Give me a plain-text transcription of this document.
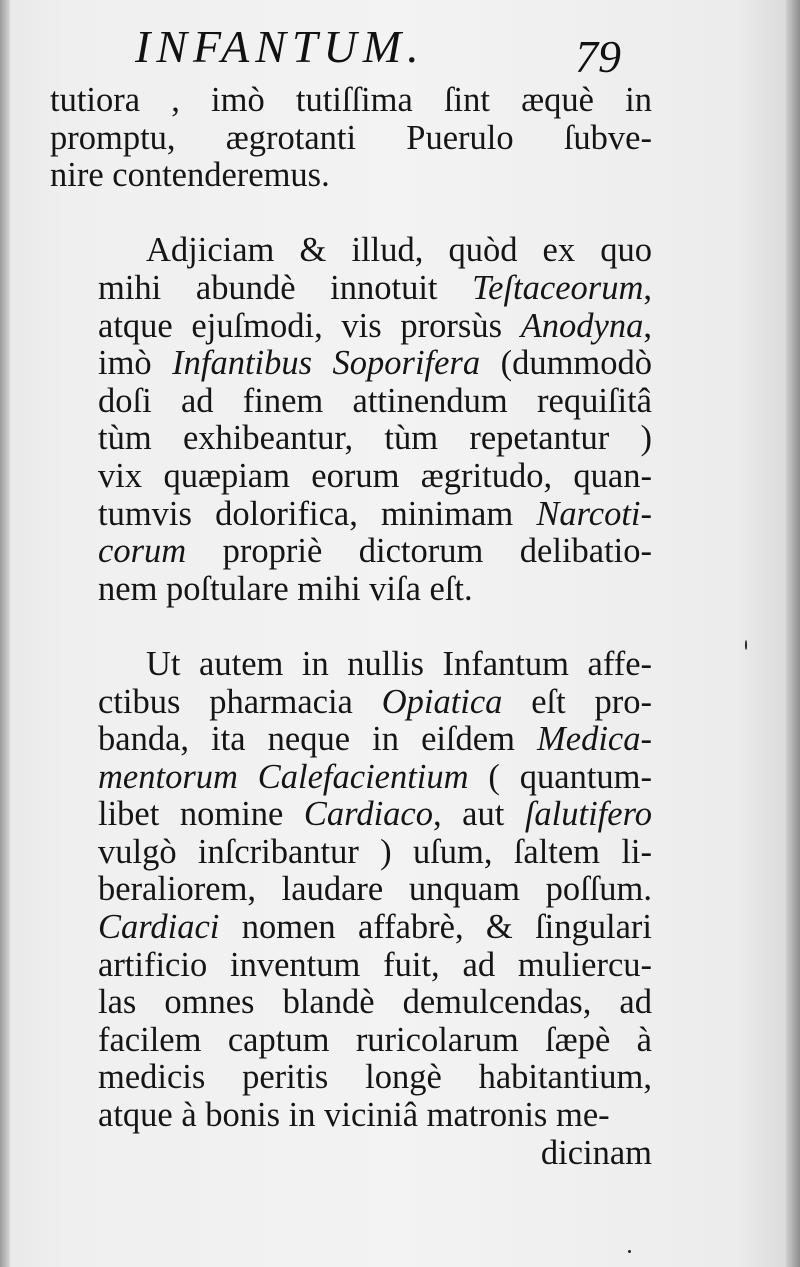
INFANTUM.	79
tutiora , imò tutiſſima ſint æquè in
promptu, ægrotanti Puerulo ſubve-
nire contenderemus.
Adjiciam & illud, quòd ex quo
mihi abundè innotuit Teſtaceorum,
atque ejuſmodi, vis prorsùs Anodyna,
imò Infantibus Soporifera (dummodò
doſi ad finem attinendum requiſitâ
tùm exhibeantur, tùm repetantur )
vix quæpiam eorum ægritudo, quan-
tumvis dolorifica, minimam Narcoti-
corum propriè dictorum delibatio-
nem poſtulare mihi viſa eſt.
Ut autem in nullis Infantum affe-
ctibus pharmacia Opiatica eſt pro-
banda, ita neque in eiſdem Medica-
mentorum Calefacientium ( quantum-
libet nomine Cardiaco, aut ſalutifero
vulgò inſcribantur ) uſum, ſaltem li-
beraliorem, laudare unquam poſſum.
Cardiaci nomen affabrè, & ſingulari
artificio inventum fuit, ad muliercu-
las omnes blandè demulcendas, ad
facilem captum ruricolarum ſæpè à
medicis peritis longè habitantium,
atque à bonis in viciniâ matronis me-
dicinam
